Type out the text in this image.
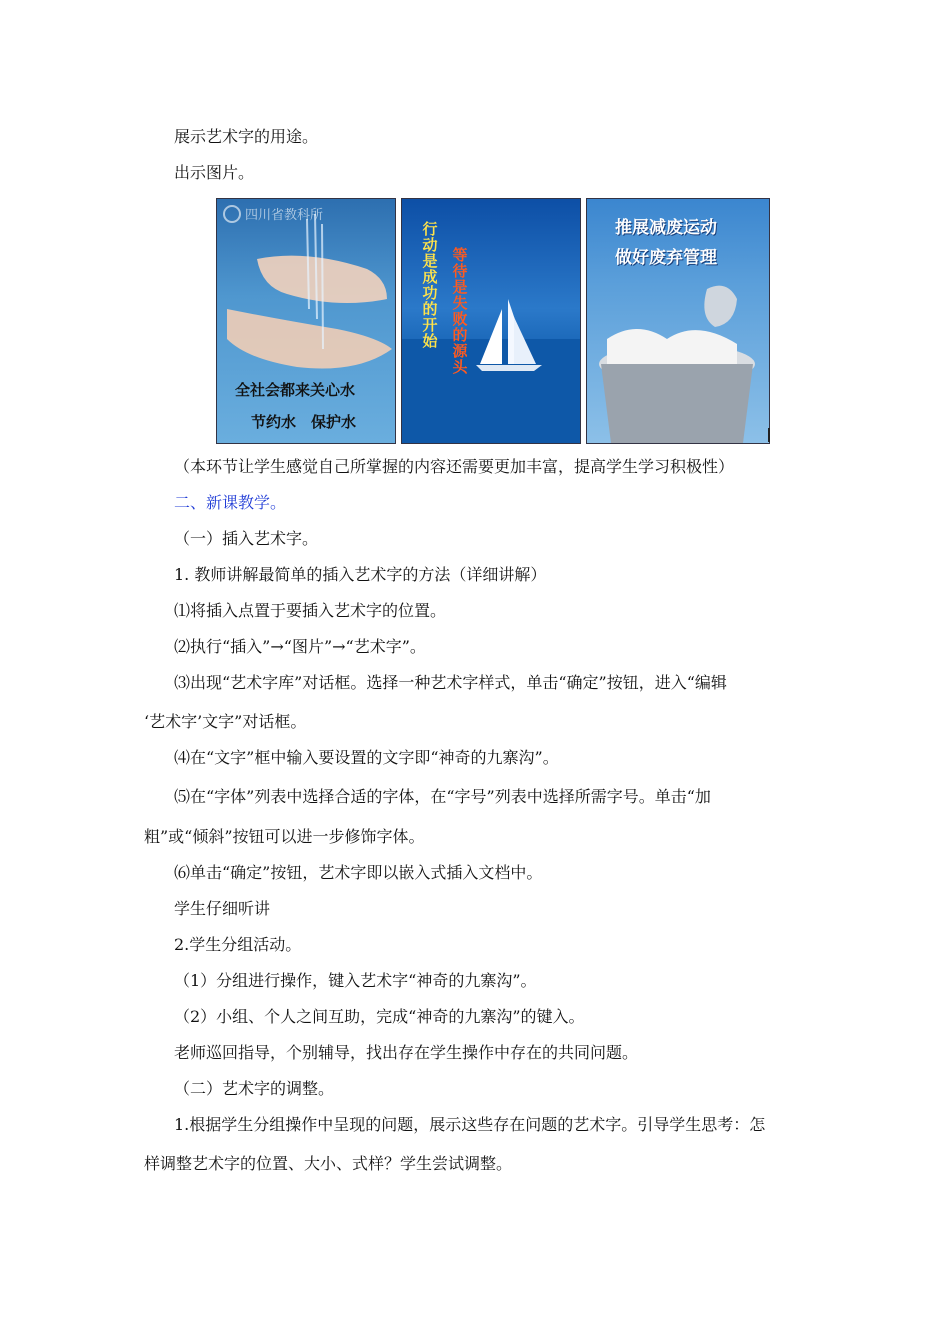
展示艺术字的用途。
出示图片。
四川省教科所
全社会都来关心水
节约水　保护水
行动是成功的开始
等待是失败的源头
推展减废运动
做好废弃管理
（本环节让学生感觉自己所掌握的内容还需要更加丰富，提高学生学习积极性）
二、新课教学。
（一）插入艺术字。
1. 教师讲解最简单的插入艺术字的方法（详细讲解）
⑴将插入点置于要插入艺术字的位置。
⑵执行“插入”→“图片”→“艺术字”。
⑶出现“艺术字库”对话框。选择一种艺术字样式，单击“确定”按钮，进入“编辑
‘艺术字’文字”对话框。
⑷在“文字”框中输入要设置的文字即“神奇的九寨沟”。
⑸在“字体”列表中选择合适的字体，在“字号”列表中选择所需字号。单击“加
粗”或“倾斜”按钮可以进一步修饰字体。
⑹单击“确定”按钮，艺术字即以嵌入式插入文档中。
学生仔细听讲
2.学生分组活动。
（1）分组进行操作，键入艺术字“神奇的九寨沟”。
（2）小组、个人之间互助，完成“神奇的九寨沟”的键入。
老师巡回指导，个别辅导，找出存在学生操作中存在的共同问题。
（二）艺术字的调整。
1.根据学生分组操作中呈现的问题，展示这些存在问题的艺术字。引导学生思考：怎
样调整艺术字的位置、大小、式样？学生尝试调整。
